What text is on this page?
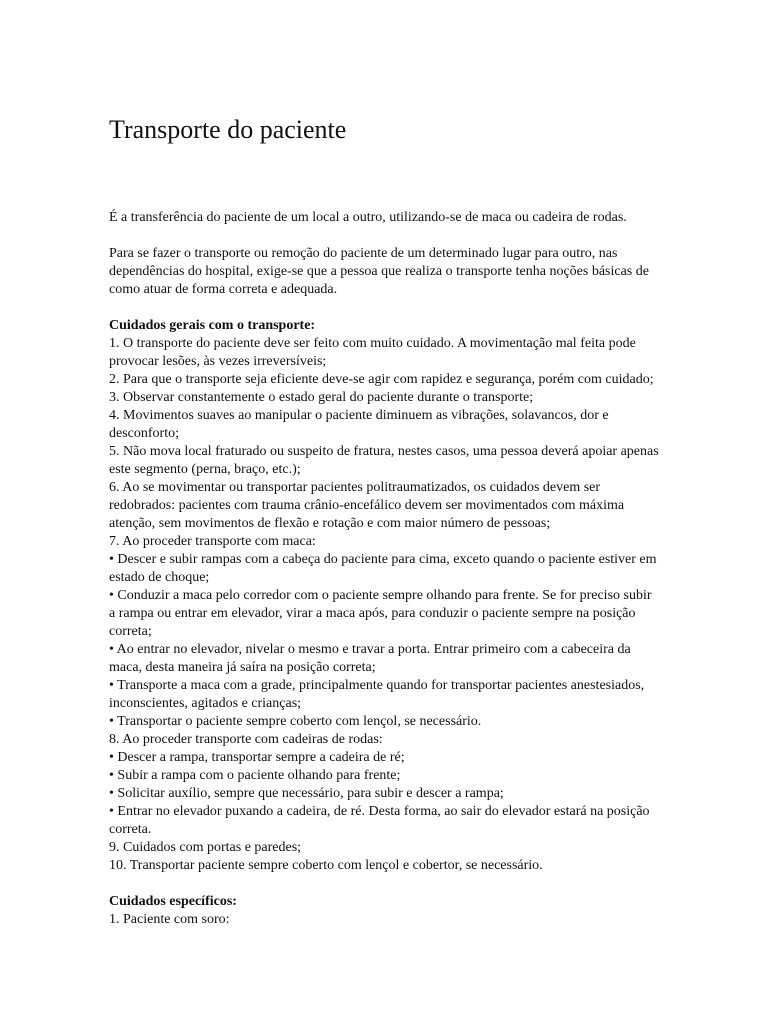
Transporte do paciente

É a transferência do paciente de um local a outro, utilizando-se de maca ou cadeira de rodas.

Para se fazer o transporte ou remoção do paciente de um determinado lugar para outro, nas dependências do hospital, exige-se que a pessoa que realiza o transporte tenha noções básicas de como atuar de forma correta e adequada.

Cuidados gerais com o transporte:

1. O transporte do paciente deve ser feito com muito cuidado. A movimentação mal feita pode provocar lesões, às vezes irreversíveis;

2. Para que o transporte seja eficiente deve-se agir com rapidez e segurança, porém com cuidado;

3. Observar constantemente o estado geral do paciente durante o transporte;

4. Movimentos suaves ao manipular o paciente diminuem as vibrações, solavancos, dor e desconforto;

5. Não mova local fraturado ou suspeito de fratura, nestes casos, uma pessoa deverá apoiar apenas este segmento (perna, braço, etc.);

6. Ao se movimentar ou transportar pacientes politraumatizados, os cuidados devem ser redobrados: pacientes com trauma crânio-encefálico devem ser movimentados com máxima atenção, sem movimentos de flexão e rotação e com maior número de pessoas;

7. Ao proceder transporte com maca:

• Descer e subir rampas com a cabeça do paciente para cima, exceto quando o paciente estiver em estado de choque;

• Conduzir a maca pelo corredor com o paciente sempre olhando para frente. Se for preciso subir a rampa ou entrar em elevador, virar a maca após, para conduzir o paciente sempre na posição correta;

• Ao entrar no elevador, nivelar o mesmo e travar a porta. Entrar primeiro com a cabeceira da maca, desta maneira já saíra na posição correta;

• Transporte a maca com a grade, principalmente quando for transportar pacientes anestesiados, inconscientes, agitados e crianças;

• Transportar o paciente sempre coberto com lençol, se necessário.

8. Ao proceder transporte com cadeiras de rodas:

• Descer a rampa, transportar sempre a cadeira de ré;

• Subir a rampa com o paciente olhando para frente;

• Solicitar auxílio, sempre que necessário, para subir e descer a rampa;

• Entrar no elevador puxando a cadeira, de ré. Desta forma, ao sair do elevador estará na posição correta.

9. Cuidados com portas e paredes;

10. Transportar paciente sempre coberto com lençol e cobertor, se necessário.

Cuidados específicos:

1. Paciente com soro:
